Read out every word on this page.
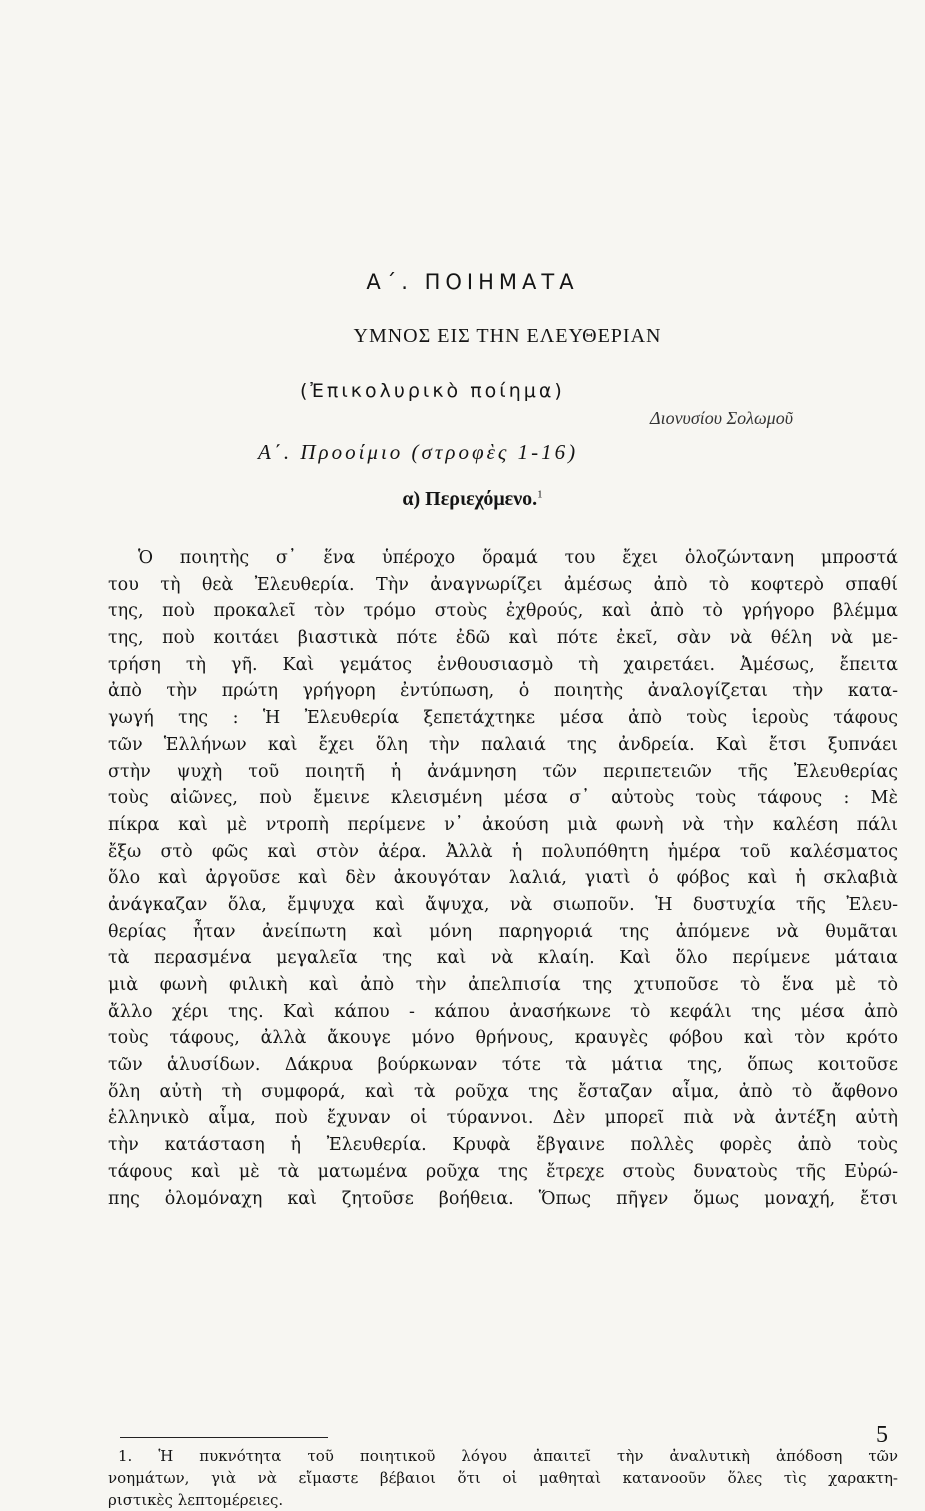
Α΄. ΠΟΙΗΜΑΤΑ
ΥΜΝΟΣ ΕΙΣ ΤΗΝ ΕΛΕΥΘΕΡΙΑΝ
(Ἐπικολυρικὸ ποίημα)
Διονυσίου Σολωμοῦ
Α΄. Προοίμιο (στροφὲς 1-16)
α) Περιεχόμενο.$^1$
Ὁ ποιητὴς σ᾽ ἕνα ὑπέροχο ὅραμά του ἔχει ὁλοζώντανη μπροστά
του τὴ θεὰ Ἐλευθερία. Τὴν ἀναγνωρίζει ἀμέσως ἀπὸ τὸ κοφτερὸ σπαθί
της, ποὺ προκαλεῖ τὸν τρόμο στοὺς ἐχθρούς, καὶ ἀπὸ τὸ γρήγορο βλέμμα
της, ποὺ κοιτάει βιαστικὰ πότε ἐδῶ καὶ πότε ἐκεῖ, σὰν νὰ θέλη νὰ με-
τρήση τὴ γῆ. Καὶ γεμάτος ἐνθουσιασμὸ τὴ χαιρετάει. Ἀμέσως, ἔπειτα
ἀπὸ τὴν πρώτη γρήγορη ἐντύπωση, ὁ ποιητὴς ἀναλογίζεται τὴν κατα-
γωγή της : Ἡ Ἐλευθερία ξεπετάχτηκε μέσα ἀπὸ τοὺς ἱεροὺς τάφους
τῶν Ἑλλήνων καὶ ἔχει ὅλη τὴν παλαιά της ἀνδρεία. Καὶ ἔτσι ξυπνάει
στὴν ψυχὴ τοῦ ποιητῆ ἡ ἀνάμνηση τῶν περιπετειῶν τῆς Ἐλευθερίας
τοὺς αἰῶνες, ποὺ ἔμεινε κλεισμένη μέσα σ᾽ αὐτοὺς τοὺς τάφους : Μὲ
πίκρα καὶ μὲ ντροπὴ περίμενε ν᾽ ἀκούση μιὰ φωνὴ νὰ τὴν καλέση πάλι
ἔξω στὸ φῶς καὶ στὸν ἀέρα. Ἀλλὰ ἡ πολυπόθητη ἡμέρα τοῦ καλέσματος
ὅλο καὶ ἀργοῦσε καὶ δὲν ἀκουγόταν λαλιά, γιατὶ ὁ φόβος καὶ ἡ σκλαβιὰ
ἀνάγκαζαν ὅλα, ἔμψυχα καὶ ἄψυχα, νὰ σιωποῦν. Ἡ δυστυχία τῆς Ἐλευ-
θερίας ἦταν ἀνείπωτη καὶ μόνη παρηγοριά της ἀπόμενε νὰ θυμᾶται
τὰ περασμένα μεγαλεῖα της καὶ νὰ κλαίη. Καὶ ὅλο περίμενε μάταια
μιὰ φωνὴ φιλικὴ καὶ ἀπὸ τὴν ἀπελπισία της χτυποῦσε τὸ ἕνα μὲ τὸ
ἄλλο χέρι της. Καὶ κάπου - κάπου ἀνασήκωνε τὸ κεφάλι της μέσα ἀπὸ
τοὺς τάφους, ἀλλὰ ἄκουγε μόνο θρήνους, κραυγὲς φόβου καὶ τὸν κρότο
τῶν ἁλυσίδων. Δάκρυα βούρκωναν τότε τὰ μάτια της, ὅπως κοιτοῦσε
ὅλη αὐτὴ τὴ συμφορά, καὶ τὰ ροῦχα της ἔσταζαν αἷμα, ἀπὸ τὸ ἄφθονο
ἑλληνικὸ αἷμα, ποὺ ἔχυναν οἱ τύραννοι. Δὲν μπορεῖ πιὰ νὰ ἀντέξη αὐτὴ
τὴν κατάσταση ἡ Ἐλευθερία. Κρυφὰ ἔβγαινε πολλὲς φορὲς ἀπὸ τοὺς
τάφους καὶ μὲ τὰ ματωμένα ροῦχα της ἔτρεχε στοὺς δυνατοὺς τῆς Εὐρώ-
πης ὁλομόναχη καὶ ζητοῦσε βοήθεια. Ὅπως πῆγεν ὅμως μοναχή, ἔτσι
1. Ἡ πυκνότητα τοῦ ποιητικοῦ λόγου ἀπαιτεῖ τὴν ἀναλυτικὴ ἀπόδοση τῶν
νοημάτων, γιὰ νὰ εἴμαστε βέβαιοι ὅτι οἱ μαθηταὶ κατανοοῦν ὅλες τὶς χαρακτη-
ριστικὲς λεπτομέρειες.
5
